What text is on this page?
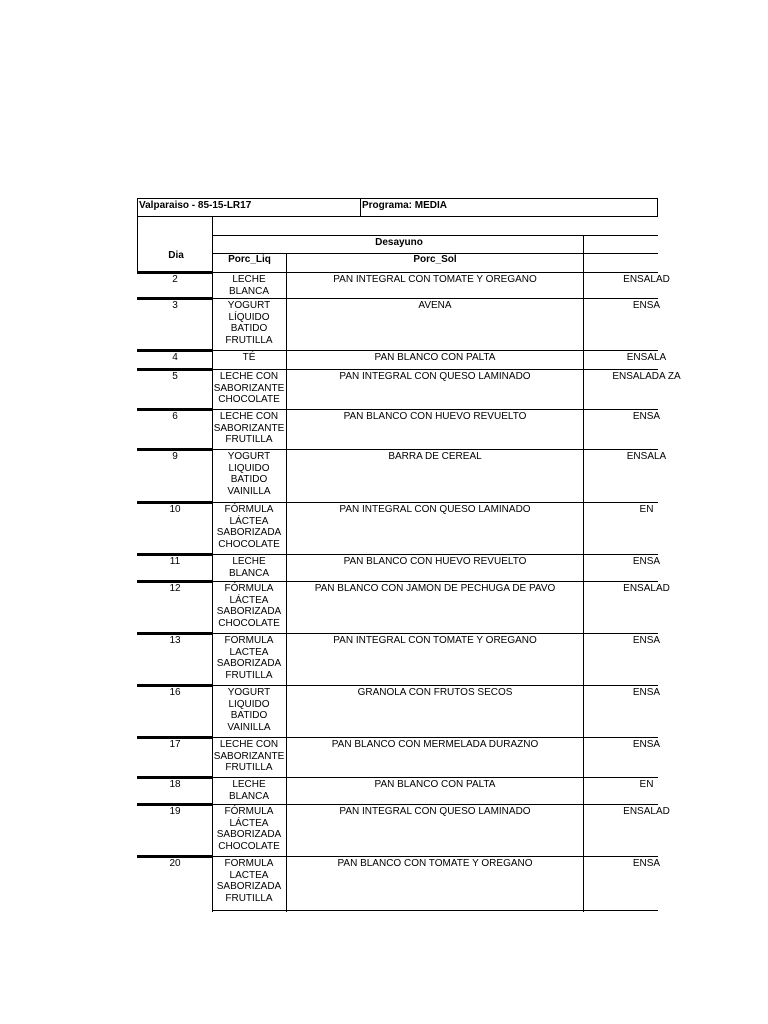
Valparaiso - 85-15-LR17	Programa: MEDIA
Dia
Desayuno
Porc_Liq	Porc_Sol
2	LECHE
BLANCA
PAN INTEGRAL CON TOMATE Y OREGANO	ENSALAD
3	YOGURT
LÍQUIDO
BATIDO
FRUTILLA
AVENA	ENSA
4	TÉ	PAN BLANCO CON PALTA	ENSALA
5	LECHE CON
SABORIZANTE
CHOCOLATE
PAN INTEGRAL CON QUESO LAMINADO	ENSALADA ZA
6	LECHE CON
SABORIZANTE
FRUTILLA
PAN BLANCO CON HUEVO REVUELTO	ENSA
9	YOGURT
LIQUIDO
BATIDO
VAINILLA
BARRA DE CEREAL	ENSALA
10	FÓRMULA
LÁCTEA
SABORIZADA
CHOCOLATE
PAN INTEGRAL CON QUESO LAMINADO	EN
11	LECHE
BLANCA
PAN BLANCO CON HUEVO REVUELTO	ENSA
12	FÓRMULA
LÁCTEA
SABORIZADA
CHOCOLATE
PAN BLANCO CON JAMON DE PECHUGA DE PAVO	ENSALAD
13	FORMULA
LACTEA
SABORIZADA
FRUTILLA
PAN INTEGRAL CON TOMATE Y OREGANO	ENSA
16	YOGURT
LIQUIDO
BATIDO
VAINILLA
GRANOLA CON FRUTOS SECOS	ENSA
17	LECHE CON
SABORIZANTE
FRUTILLA
PAN BLANCO CON MERMELADA DURAZNO	ENSA
18	LECHE
BLANCA
PAN BLANCO CON PALTA	EN
19	FÓRMULA
LÁCTEA
SABORIZADA
CHOCOLATE
PAN INTEGRAL CON QUESO LAMINADO	ENSALAD
20	FORMULA
LACTEA
SABORIZADA
FRUTILLA
PAN BLANCO CON TOMATE Y OREGANO	ENSA
